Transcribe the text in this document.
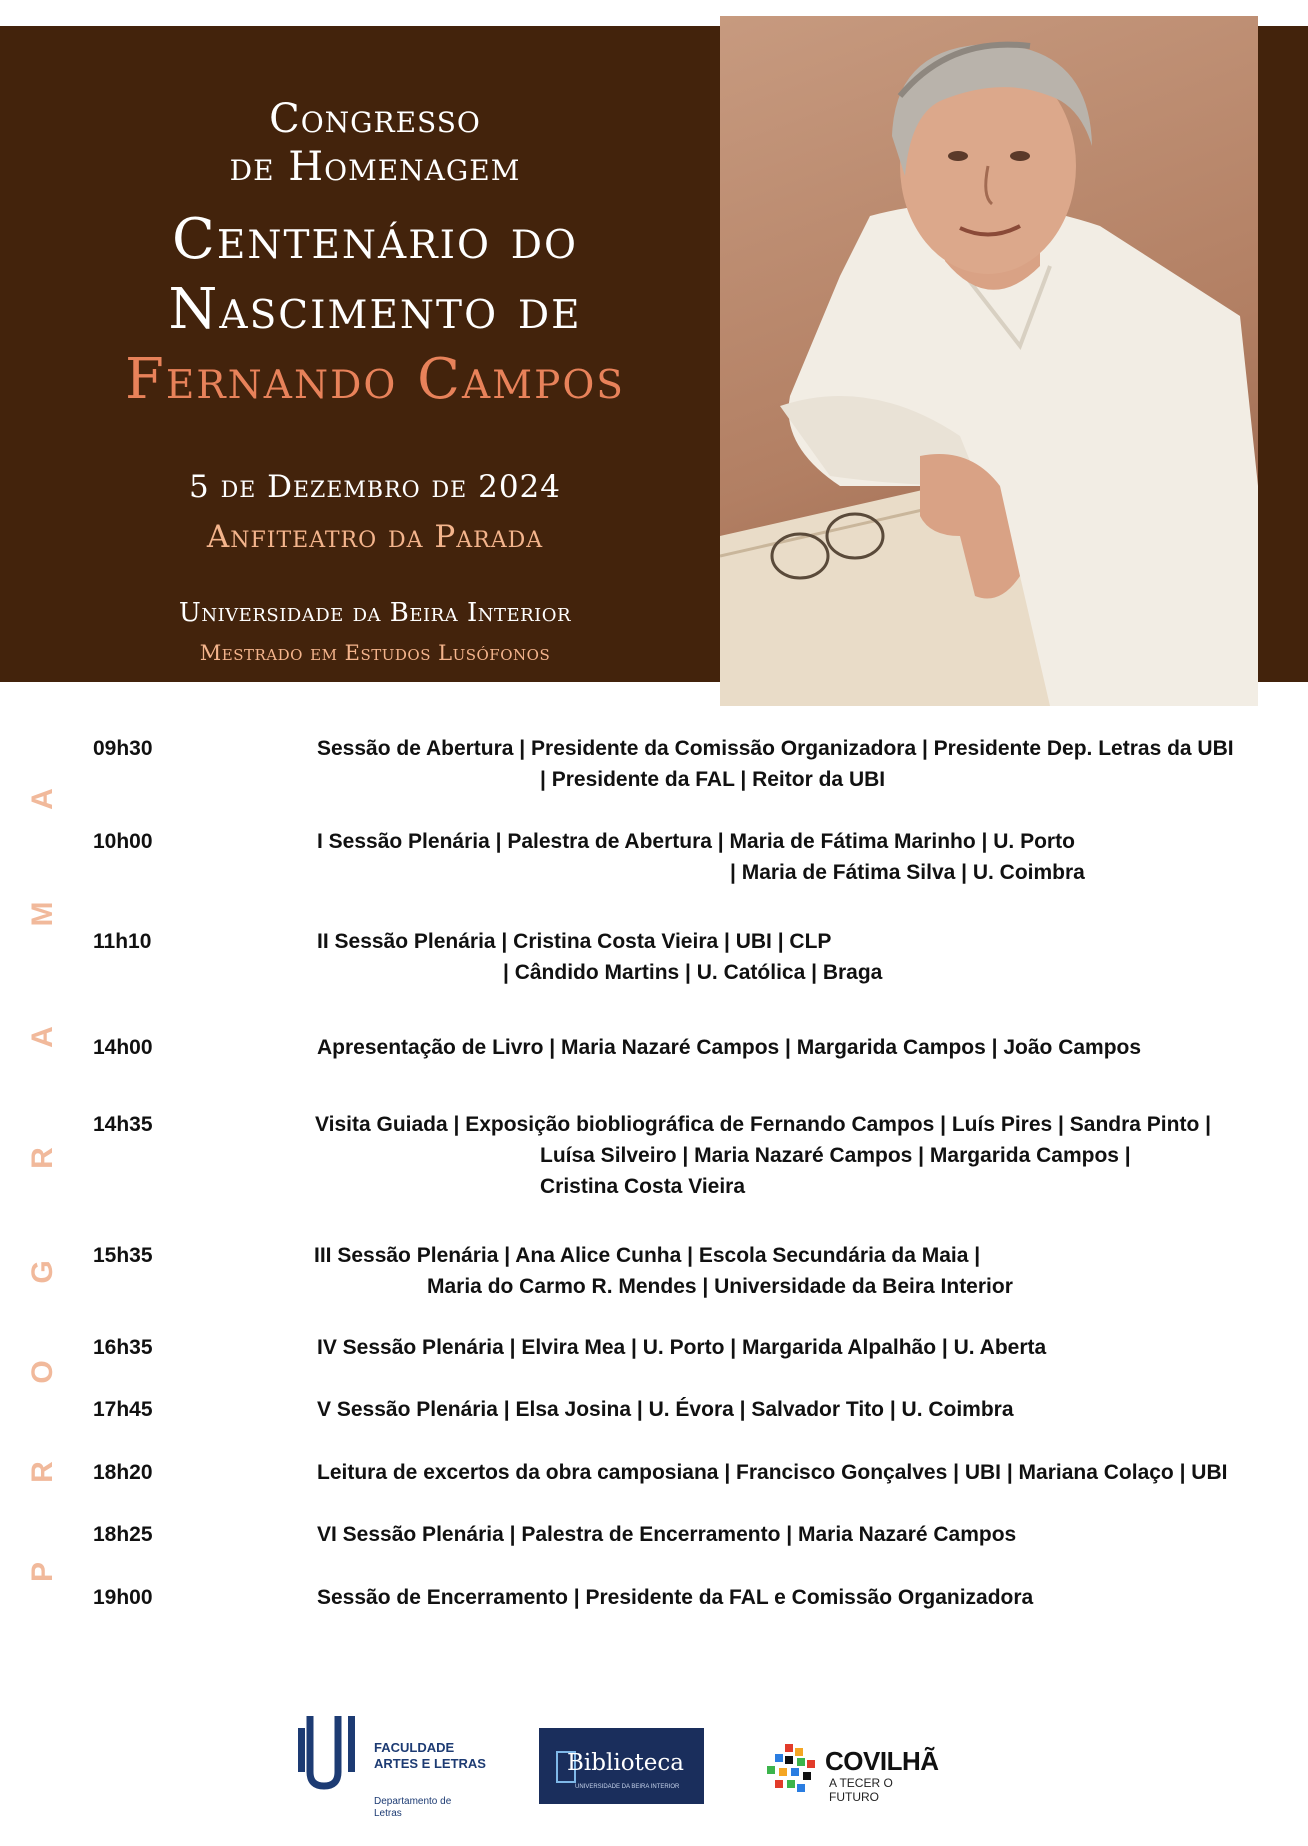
Congresso
de Homenagem
Centenário do
Nascimento de
Fernando Campos
5 de Dezembro de 2024
Anfiteatro da Parada
Universidade da Beira Interior
Mestrado em Estudos Lusófonos
P
R
O
G
R
A
M
A
09h30	Sessão de Abertura | Presidente da Comissão Organizadora | Presidente Dep. Letras da UBI
| Presidente da FAL | Reitor da UBI
10h00	I Sessão Plenária | Palestra de Abertura | Maria de Fátima Marinho | U. Porto
| Maria de Fátima Silva | U. Coimbra
11h10	II Sessão Plenária | Cristina Costa Vieira | UBI | CLP
| Cândido Martins | U. Católica | Braga
14h00	Apresentação de Livro | Maria Nazaré Campos | Margarida Campos | João Campos
14h35	Visita Guiada | Exposição biobliográfica de Fernando Campos | Luís Pires | Sandra Pinto |
Luísa Silveiro | Maria Nazaré Campos | Margarida Campos |
Cristina Costa Vieira
15h35	III Sessão Plenária | Ana Alice Cunha | Escola Secundária da Maia |
Maria do Carmo R. Mendes | Universidade da Beira Interior
16h35	IV Sessão Plenária | Elvira Mea | U. Porto | Margarida Alpalhão | U. Aberta
17h45	V Sessão Plenária | Elsa Josina | U. Évora | Salvador Tito | U. Coimbra
18h20	Leitura de excertos da obra camposiana | Francisco Gonçalves | UBI | Mariana Colaço | UBI
18h25	VI Sessão Plenária | Palestra de Encerramento | Maria Nazaré Campos
19h00	Sessão de Encerramento | Presidente da FAL e Comissão Organizadora
FACULDADE
ARTES E LETRAS
Departamento de Letras
Biblioteca
UNIVERSIDADE DA BEIRA INTERIOR
COVILHÃ
A TECER O FUTURO
